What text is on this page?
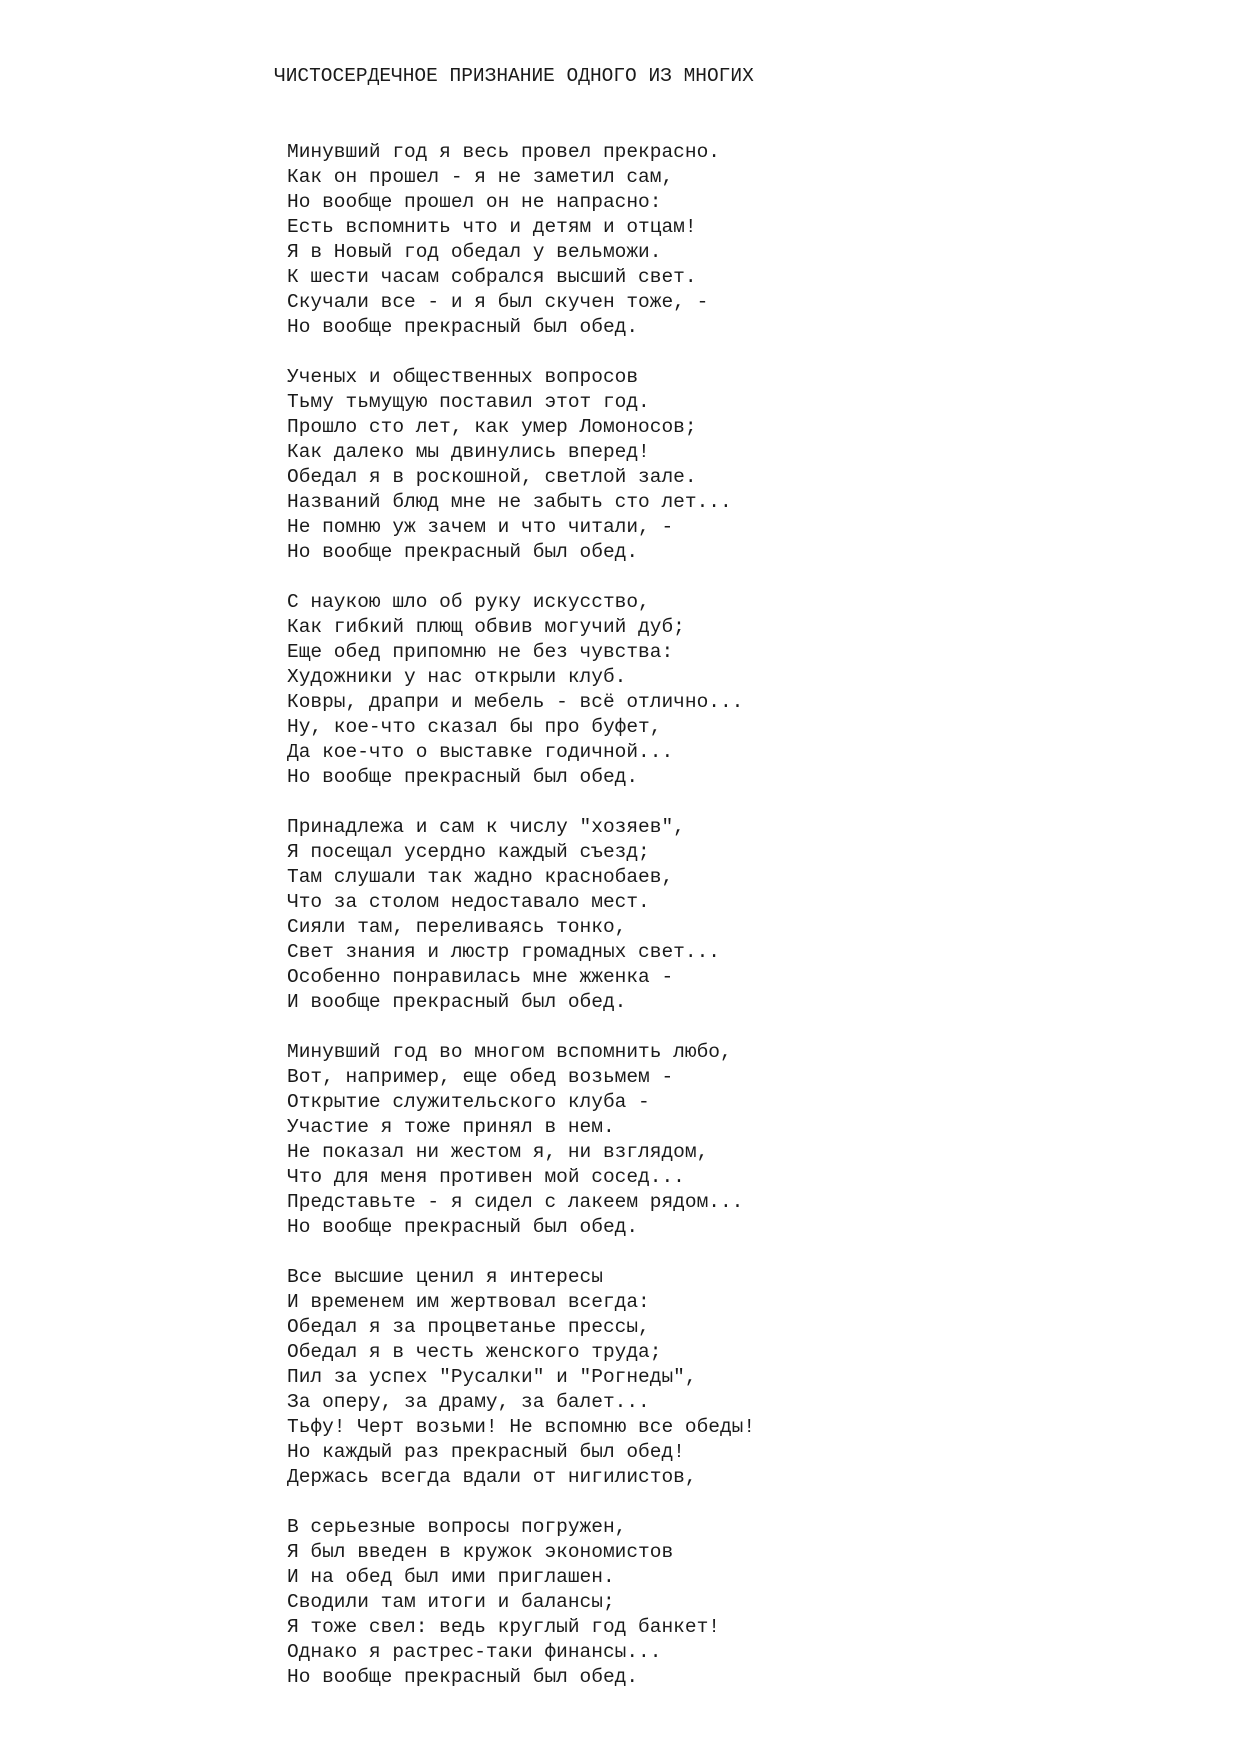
ЧИСТОСЕРДЕЧНОЕ ПРИЗНАНИЕ ОДНОГО ИЗ МНОГИХ
Минувший год я весь провел прекрасно.
Как он прошел - я не заметил сам,
Но вообще прошел он не напрасно:
Есть вспомнить что и детям и отцам!
Я в Новый год обедал у вельможи.
К шести часам собрался высший свет.
Скучали все - и я был скучен тоже, -
Но вообще прекрасный был обед.
Ученых и общественных вопросов
Тьму тьмущую поставил этот год.
Прошло сто лет, как умер Ломоносов;
Как далеко мы двинулись вперед!
Обедал я в роскошной, светлой зале.
Названий блюд мне не забыть сто лет...
Не помню уж зачем и что читали, -
Но вообще прекрасный был обед.
С наукою шло об руку искусство,
Как гибкий плющ обвив могучий дуб;
Еще обед припомню не без чувства:
Художники у нас открыли клуб.
Ковры, драпри и мебель - всё отлично...
Ну, кое-что сказал бы про буфет,
Да кое-что о выставке годичной...
Но вообще прекрасный был обед.
Принадлежа и сам к числу "хозяев",
Я посещал усердно каждый съезд;
Там слушали так жадно краснобаев,
Что за столом недоставало мест.
Сияли там, переливаясь тонко,
Свет знания и люстр громадных свет...
Особенно понравилась мне жженка -
И вообще прекрасный был обед.
Минувший год во многом вспомнить любо,
Вот, например, еще обед возьмем -
Открытие служительского клуба -
Участие я тоже принял в нем.
Не показал ни жестом я, ни взглядом,
Что для меня противен мой сосед...
Представьте - я сидел с лакеем рядом...
Но вообще прекрасный был обед.
Все высшие ценил я интересы
И временем им жертвовал всегда:
Обедал я за процветанье прессы,
Обедал я в честь женского труда;
Пил за успех "Русалки" и "Рогнеды",
За оперу, за драму, за балет...
Тьфу! Черт возьми! Не вспомню все обеды!
Но каждый раз прекрасный был обед!
Держась всегда вдали от нигилистов,
В серьезные вопросы погружен,
Я был введен в кружок экономистов
И на обед был ими приглашен.
Сводили там итоги и балансы;
Я тоже свел: ведь круглый год банкет!
Однако я растрес-таки финансы...
Но вообще прекрасный был обед.
